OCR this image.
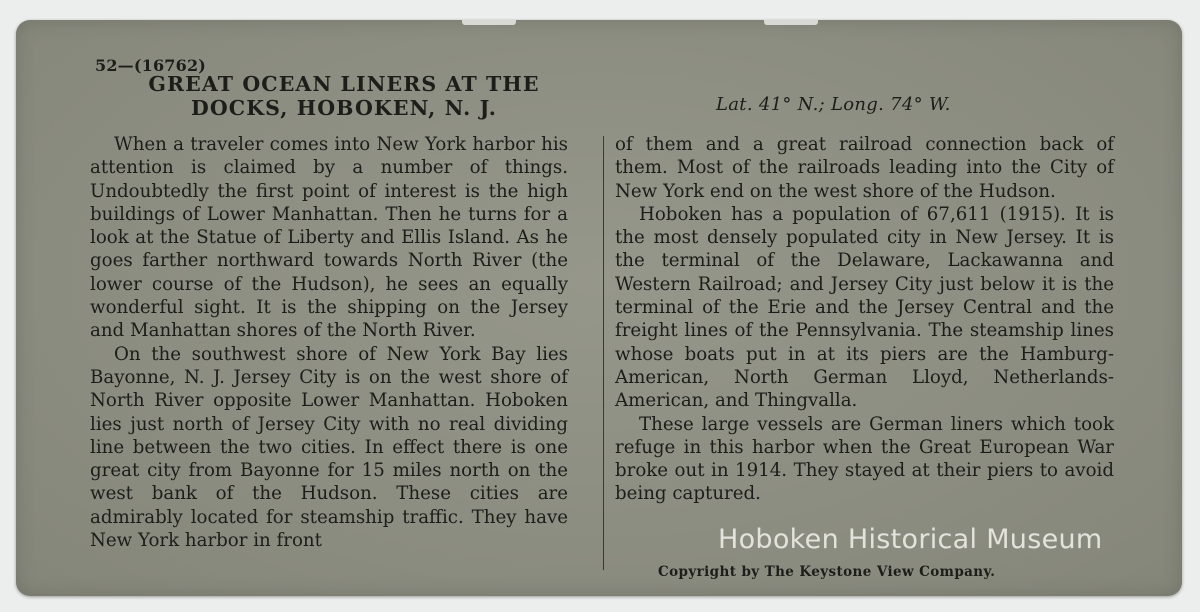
52—(16762)
GREAT OCEAN LINERS AT THE
DOCKS, HOBOKEN, N. J.	Lat. 41° N.; Long. 74° W.

When a traveler comes into New York harbor his attention is claimed by a number of things. Undoubtedly the first point of interest is the high buildings of Lower Manhattan. Then he turns for a look at the Statue of Liberty and Ellis Island. As he goes farther northward towards North River (the lower course of the Hudson), he sees an equally wonderful sight. It is the shipping on the Jersey and Manhattan shores of the North River.

On the southwest shore of New York Bay lies Bayonne, N. J. Jersey City is on the west shore of North River opposite Lower Manhattan. Hoboken lies just north of Jersey City with no real dividing line between the two cities. In effect there is one great city from Bayonne for 15 miles north on the west bank of the Hudson. These cities are admirably located for steamship traffic. They have New York harbor in front

of them and a great railroad connection back of them. Most of the railroads leading into the City of New York end on the west shore of the Hudson.

Hoboken has a population of 67,611 (1915). It is the most densely populated city in New Jersey. It is the terminal of the Delaware, Lackawanna and Western Railroad; and Jersey City just below it is the terminal of the Erie and the Jersey Central and the freight lines of the Pennsylvania. The steamship lines whose boats put in at its piers are the Hamburg-American, North German Lloyd, Netherlands-American, and Thingvalla.

These large vessels are German liners which took refuge in this harbor when the Great European War broke out in 1914. They stayed at their piers to avoid being captured.

Copyright by The Keystone View Company.
Hoboken Historical Museum
